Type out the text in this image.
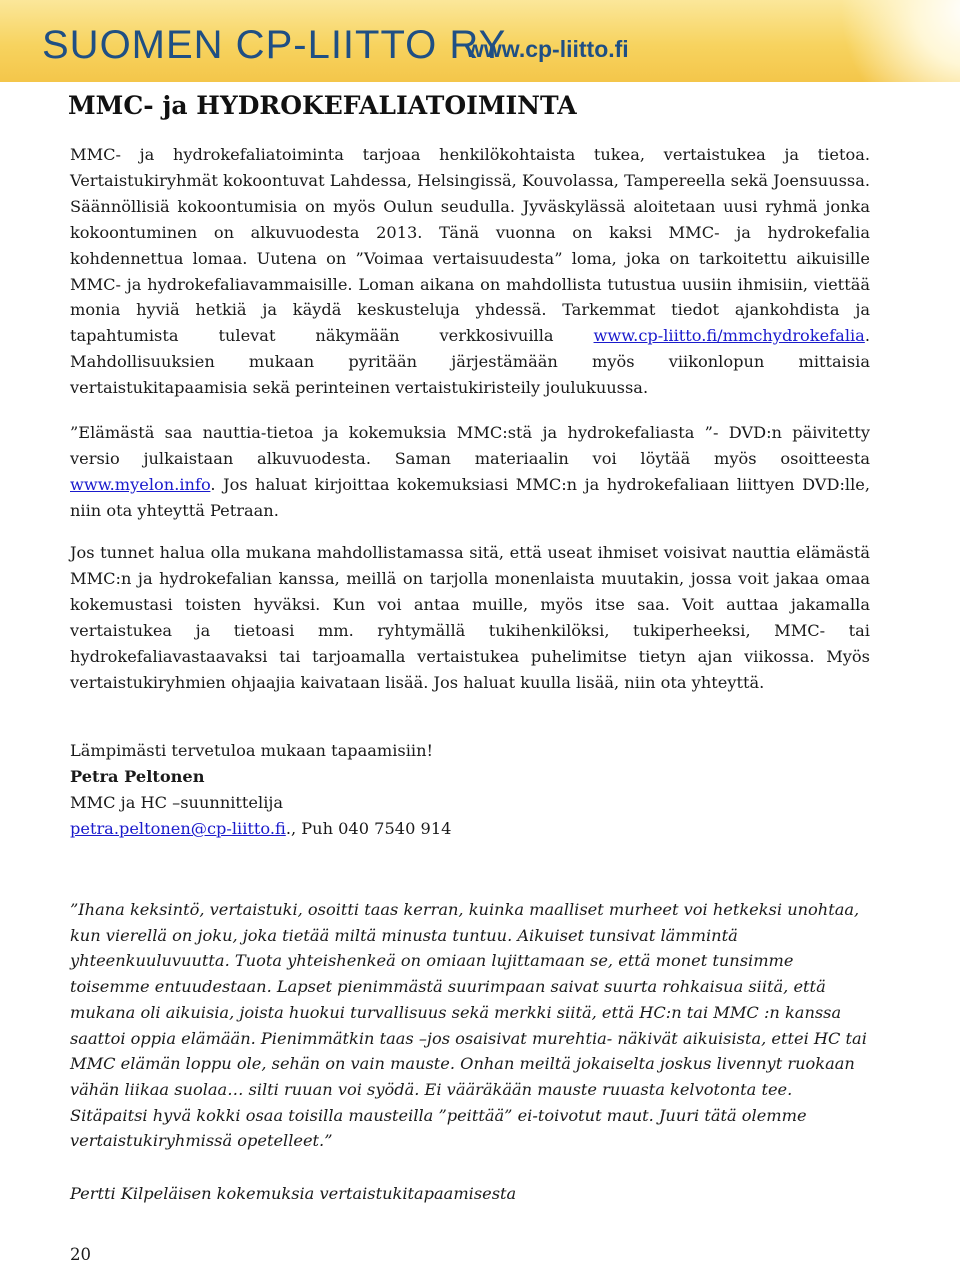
SUOMEN CP-LIITTO RY
www.cp-liitto.fi
MMC- ja HYDROKEFALIATOIMINTA

MMC- ja hydrokefaliatoiminta tarjoaa henkilökohtaista tukea, vertaistukea ja tietoa. Vertaistukiryhmät kokoontuvat Lahdessa, Helsingissä, Kouvolassa, Tampereella sekä Joensuussa. Säännöllisiä kokoontumisia on myös Oulun seudulla. Jyväskylässä aloitetaan uusi ryhmä jonka kokoontuminen on alkuvuodesta 2013. Tänä vuonna on kaksi MMC- ja hydrokefalia kohdennettua lomaa. Uutena on ”Voimaa vertaisuudesta” loma, joka on tarkoitettu aikuisille MMC- ja hydrokefaliavammaisille. Loman aikana on mahdollista tutustua uusiin ihmisiin, viettää monia hyviä hetkiä ja käydä keskusteluja yhdessä. Tarkemmat tiedot ajankohdista ja tapahtumista tulevat näkymään verkkosivuilla www.cp-liitto.fi/mmchydrokefalia. Mahdollisuuksien mukaan pyritään järjestämään myös viikonlopun mittaisia vertaistukitapaamisia sekä perinteinen vertaistukiristeily joulukuussa.

”Elämästä saa nauttia-tietoa ja kokemuksia MMC:stä ja hydrokefaliasta ”- DVD:n päivitetty versio julkaistaan alkuvuodesta. Saman materiaalin voi löytää myös osoitteesta www.myelon.info. Jos haluat kirjoittaa kokemuksiasi MMC:n ja hydrokefaliaan liittyen DVD:lle, niin ota yhteyttä Petraan.

Jos tunnet halua olla mukana mahdollistamassa sitä, että useat ihmiset voisivat nauttia elämästä MMC:n ja hydrokefalian kanssa, meillä on tarjolla monenlaista muutakin, jossa voit jakaa omaa kokemustasi toisten hyväksi. Kun voi antaa muille, myös itse saa. Voit auttaa jakamalla vertaistukea ja tietoasi mm. ryhtymällä tukihenkilöksi, tukiperheeksi, MMC- tai hydrokefaliavastaavaksi tai tarjoamalla vertaistukea puhelimitse tietyn ajan viikossa. Myös vertaistukiryhmien ohjaajia kaivataan lisää. Jos haluat kuulla lisää, niin ota yhteyttä.

Lämpimästi tervetuloa mukaan tapaamisiin!
Petra Peltonen
MMC ja HC –suunnittelija
petra.peltonen@cp-liitto.fi., Puh 040 7540 914

”Ihana keksintö, vertaistuki, osoitti taas kerran, kuinka maalliset murheet voi hetkeksi unohtaa, kun vierellä on joku, joka tietää miltä minusta tuntuu. Aikuiset tunsivat lämmintä yhteenkuuluvuutta. Tuota yhteishenkeä on omiaan lujittamaan se, että monet tunsimme toisemme entuudestaan. Lapset pienimmästä suurimpaan saivat suurta rohkaisua siitä, että mukana oli aikuisia, joista huokui turvallisuus sekä merkki siitä, että HC:n tai MMC :n kanssa saattoi oppia elämään. Pienimmätkin taas –jos osaisivat murehtia- näkivät aikuisista, ettei HC tai MMC elämän loppu ole, sehän on vain mauste. Onhan meiltä jokaiselta joskus livennyt ruokaan vähän liikaa suolaa… silti ruuan voi syödä. Ei vääräkään mauste ruuasta kelvotonta tee. Sitäpaitsi hyvä kokki osaa toisilla mausteilla ”peittää” ei-toivotut maut. Juuri tätä olemme vertaistukiryhmissä opetelleet.”

Pertti Kilpeläisen kokemuksia vertaistukitapaamisesta
20
